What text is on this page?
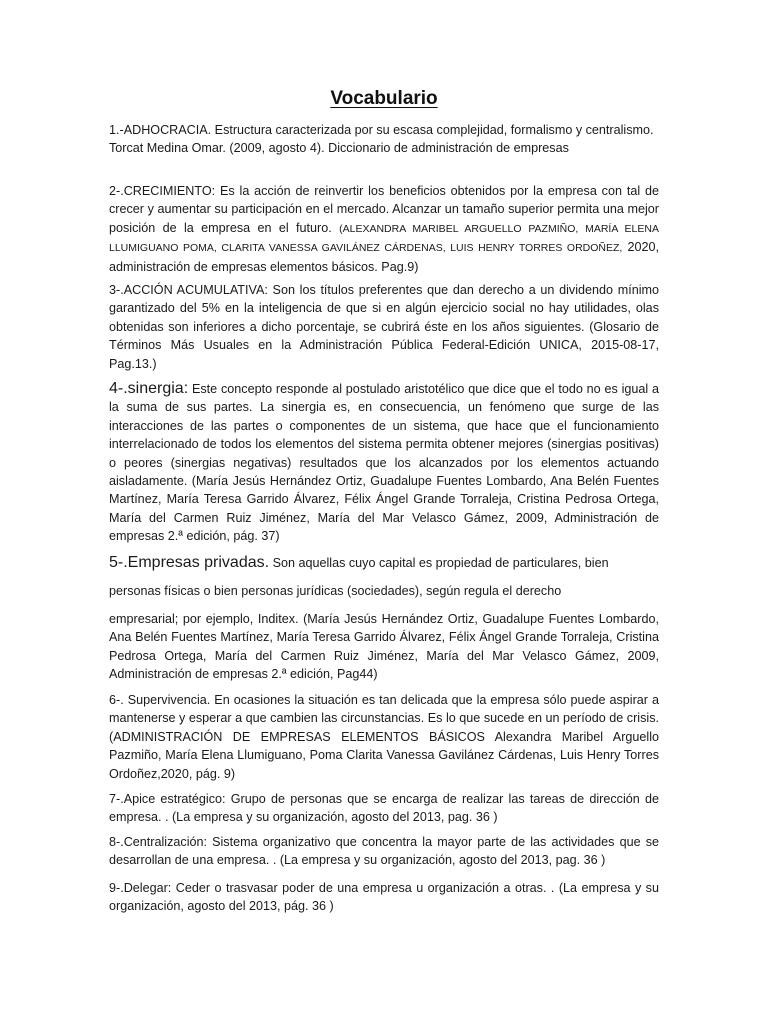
Vocabulario

1.-ADHOCRACIA. Estructura caracterizada por su escasa complejidad, formalismo y centralismo. Torcat Medina Omar. (2009, agosto 4). Diccionario de administración de empresas

2-.CRECIMIENTO: Es la acción de reinvertir los beneficios obtenidos por la empresa con tal de crecer y aumentar su participación en el mercado. Alcanzar un tamaño superior permita una mejor posición de la empresa en el futuro. (ALEXANDRA MARIBEL ARGUELLO PAZMIÑO, MARÍA ELENA LLUMIGUANO POMA, CLARITA VANESSA GAVILÁNEZ CÁRDENAS, LUIS HENRY TORRES ORDOÑEZ, 2020, administración de empresas elementos básicos. Pag.9)

3-.ACCIÓN ACUMULATIVA: Son los títulos preferentes que dan derecho a un dividendo mínimo garantizado del 5% en la inteligencia de que si en algún ejercicio social no hay utilidades, olas obtenidas son inferiores a dicho porcentaje, se cubrirá éste en los años siguientes. (Glosario de Términos Más Usuales en la Administración Pública Federal-Edición UNICA, 2015-08-17, Pag.13.)

4-.sinergia: Este concepto responde al postulado aristotélico que dice que el todo no es igual a la suma de sus partes. La sinergia es, en consecuencia, un fenómeno que surge de las interacciones de las partes o componentes de un sistema, que hace que el funcionamiento interrelacionado de todos los elementos del sistema permita obtener mejores (sinergias positivas) o peores (sinergias negativas) resultados que los alcanzados por los elementos actuando aisladamente. (María Jesús Hernández Ortiz, Guadalupe Fuentes Lombardo, Ana Belén Fuentes Martínez, María Teresa Garrido Álvarez, Félix Ángel Grande Torraleja, Cristina Pedrosa Ortega, María del Carmen Ruiz Jiménez, María del Mar Velasco Gámez, 2009, Administración de empresas 2.ª edición, pág. 37)

5-.Empresas privadas. Son aquellas cuyo capital es propiedad de particulares, bien

personas físicas o bien personas jurídicas (sociedades), según regula el derecho

empresarial; por ejemplo, Inditex. (María Jesús Hernández Ortiz, Guadalupe Fuentes Lombardo, Ana Belén Fuentes Martínez, María Teresa Garrido Álvarez, Félix Ángel Grande Torraleja, Cristina Pedrosa Ortega, María del Carmen Ruiz Jiménez, María del Mar Velasco Gámez, 2009, Administración de empresas 2.ª edición, Pag44)

6-. Supervivencia. En ocasiones la situación es tan delicada que la empresa sólo puede aspirar a mantenerse y esperar a que cambien las circunstancias. Es lo que sucede en un período de crisis. (ADMINISTRACIÓN DE EMPRESAS ELEMENTOS BÁSICOS Alexandra Maribel Arguello Pazmiño, María Elena Llumiguano, Poma Clarita Vanessa Gavilánez Cárdenas, Luis Henry Torres Ordoñez,2020, pág. 9)

7-.Apice estratégico: Grupo de personas que se encarga de realizar las tareas de dirección de empresa. . (La empresa y su organización, agosto del 2013, pag. 36 )

8-.Centralización: Sistema organizativo que concentra la mayor parte de las actividades que se desarrollan de una empresa. . (La empresa y su organización, agosto del 2013, pag. 36 )

9-.Delegar: Ceder o trasvasar poder de una empresa u organización a otras. . (La empresa y su organización, agosto del 2013, pág. 36 )
